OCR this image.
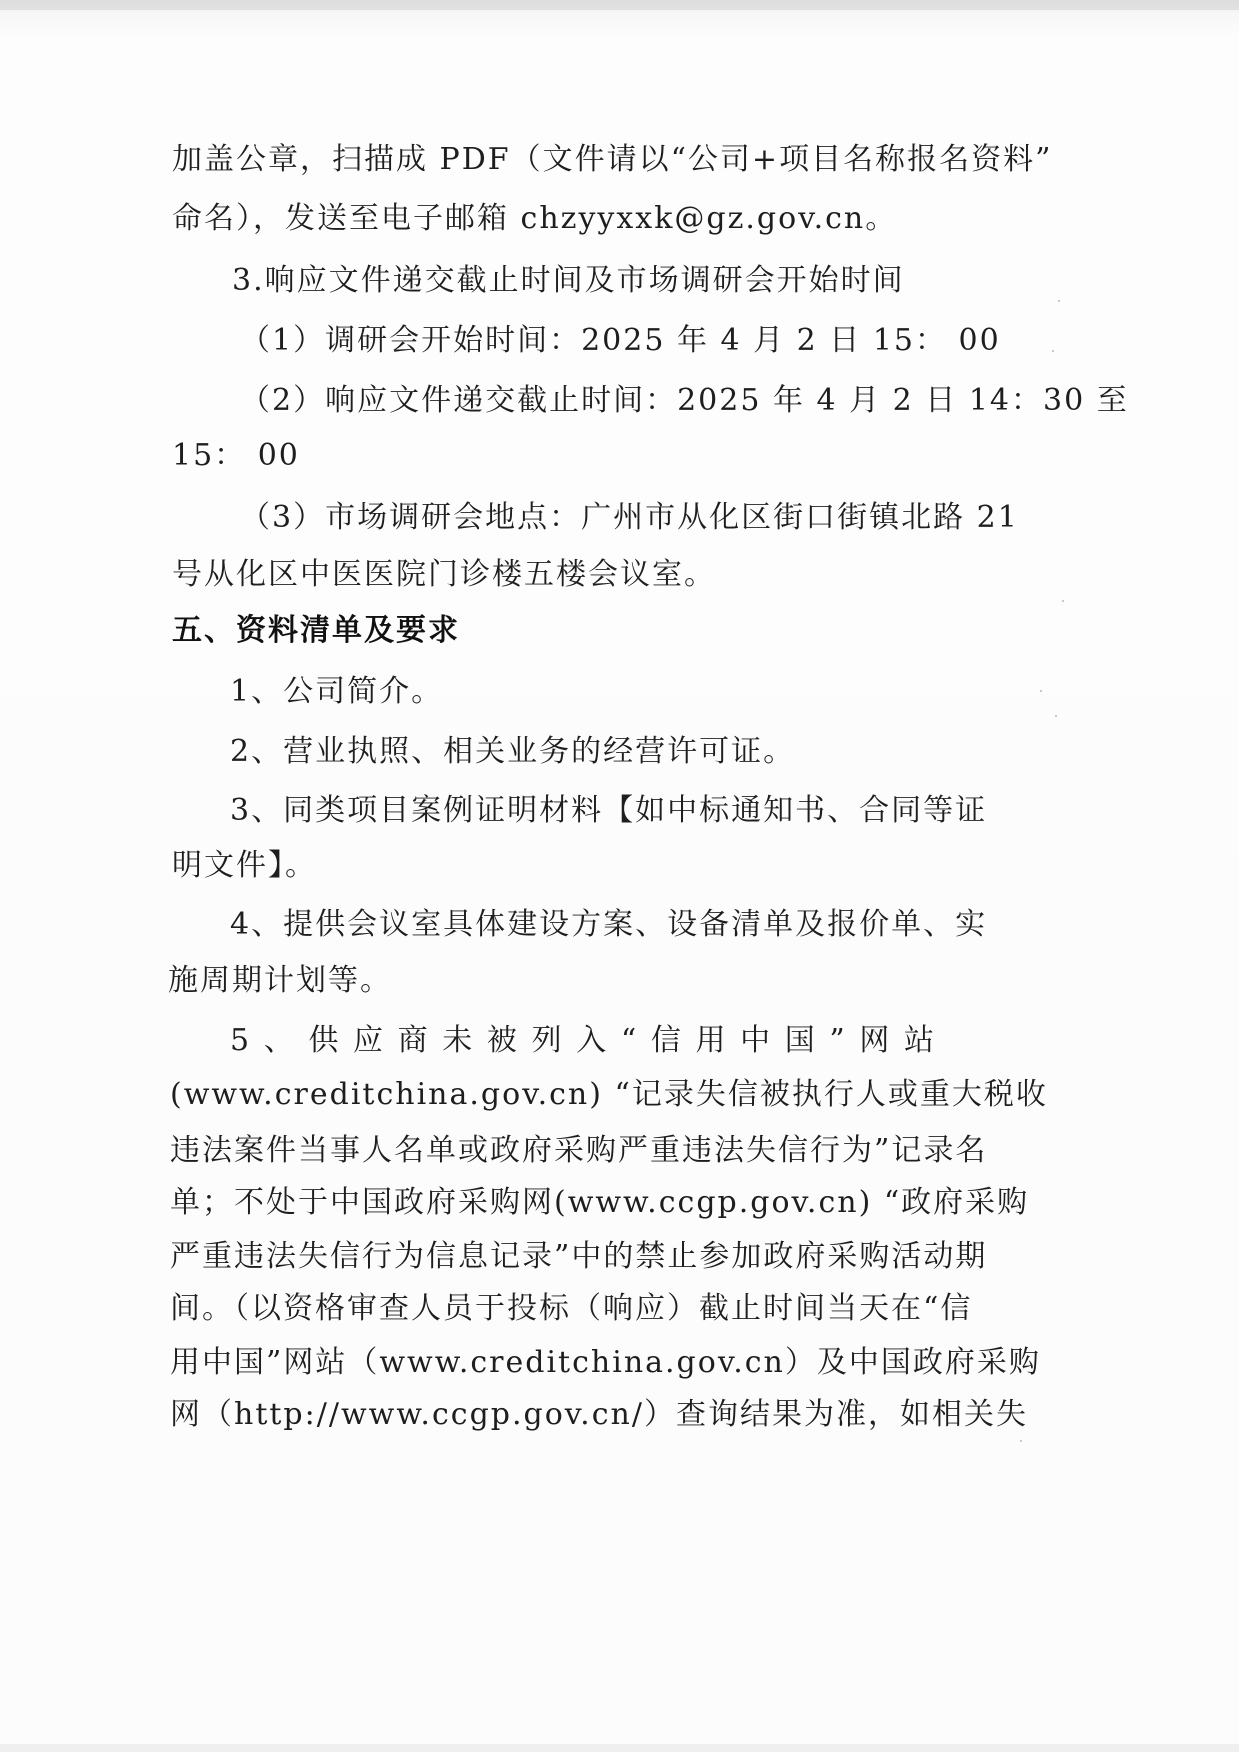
加盖公章，扫描成 PDF（文件请以“公司+项目名称报名资料”
命名），发送至电子邮箱 chzyyxxk@gz.gov.cn。
3.响应文件递交截止时间及市场调研会开始时间
（1）调研会开始时间：2025 年 4 月 2 日 15： 00
（2）响应文件递交截止时间：2025 年 4 月 2 日 14：30 至
15： 00
（3）市场调研会地点：广州市从化区街口街镇北路 21
号从化区中医医院门诊楼五楼会议室。
五、资料清单及要求
1、公司简介。
2、营业执照、相关业务的经营许可证。
3、同类项目案例证明材料【如中标通知书、合同等证
明文件】。
4、提供会议室具体建设方案、设备清单及报价单、实
施周期计划等。
5、供应商未被列入“信用中国”网站
(www.creditchina.gov.cn) “记录失信被执行人或重大税收
违法案件当事人名单或政府采购严重违法失信行为”记录名
单；不处于中国政府采购网(www.ccgp.gov.cn) “政府采购
严重违法失信行为信息记录”中的禁止参加政府采购活动期
间。（以资格审查人员于投标（响应）截止时间当天在“信
用中国”网站（www.creditchina.gov.cn）及中国政府采购
网（http://www.ccgp.gov.cn/）查询结果为准，如相关失
